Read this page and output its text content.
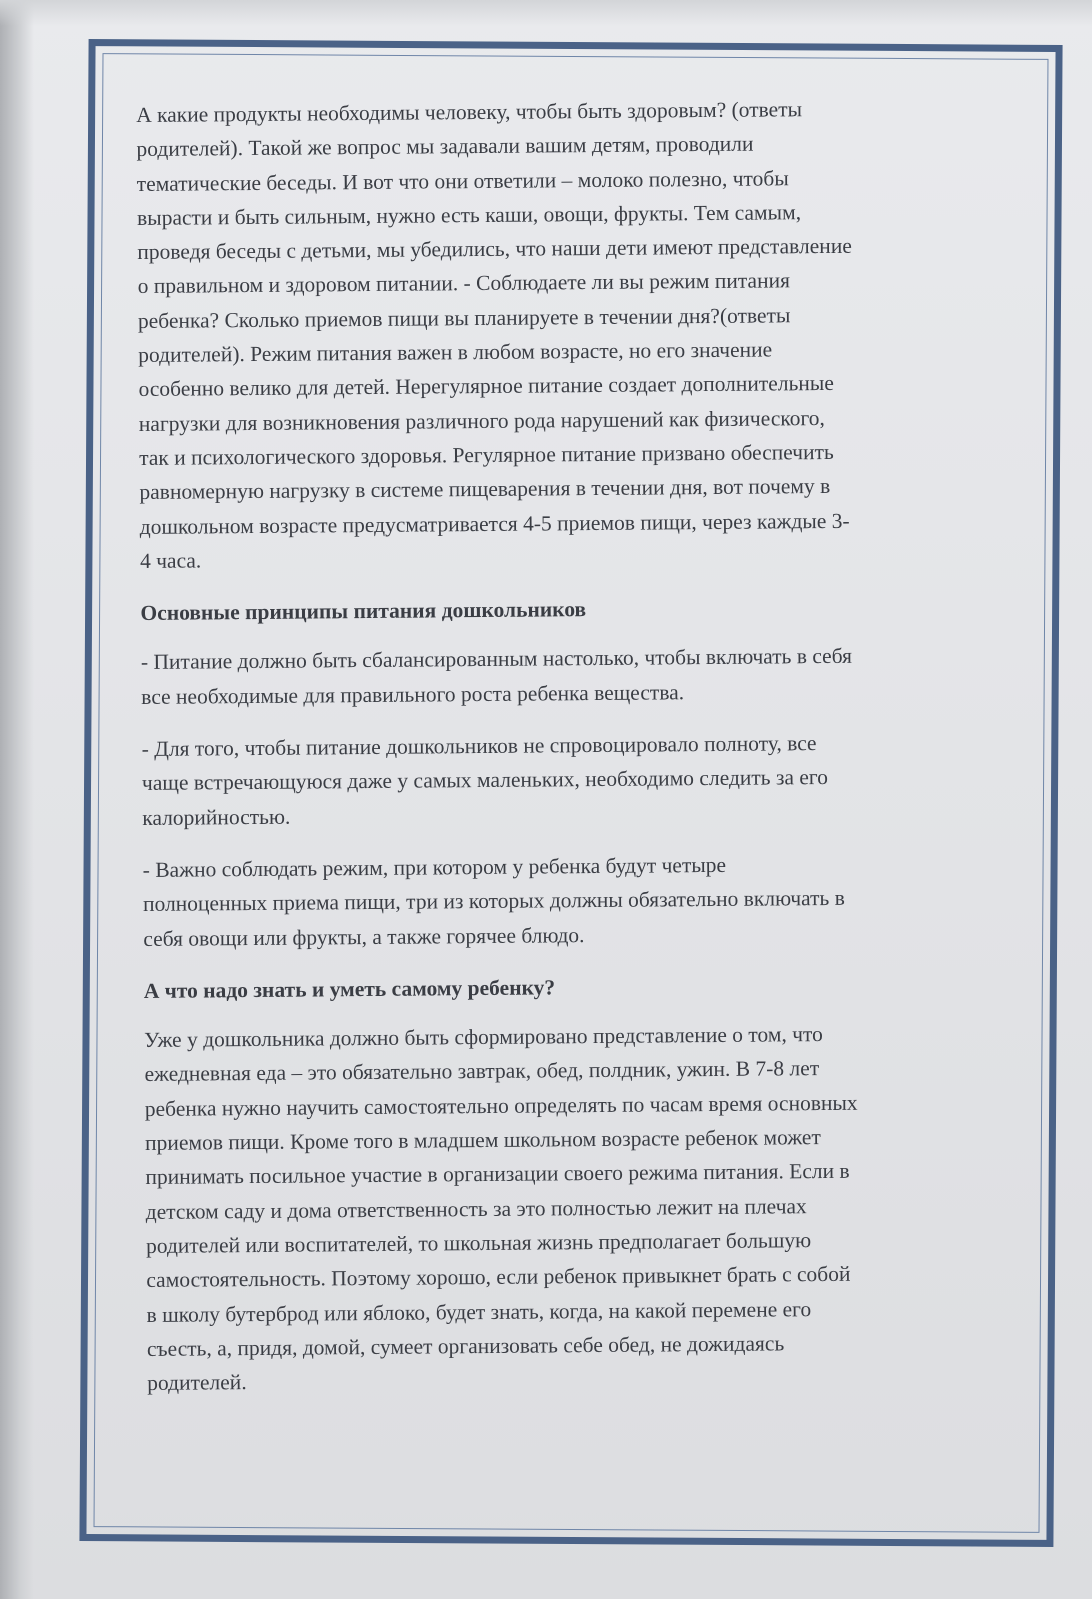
А какие продукты необходимы человеку, чтобы быть здоровым? (ответы
родителей). Такой же вопрос мы задавали вашим детям, проводили
тематические беседы. И вот что они ответили – молоко полезно, чтобы
вырасти и быть сильным, нужно есть каши, овощи, фрукты. Тем самым,
проведя беседы с детьми, мы убедились, что наши дети имеют представление
о правильном и здоровом питании. - Соблюдаете ли вы режим питания
ребенка? Сколько приемов пищи вы планируете в течении дня?(ответы
родителей). Режим питания важен в любом возрасте, но его значение
особенно велико для детей. Нерегулярное питание создает дополнительные
нагрузки для возникновения различного рода нарушений как физического,
так и психологического здоровья. Регулярное питание призвано обеспечить
равномерную нагрузку в системе пищеварения в течении дня, вот почему в
дошкольном возрасте предусматривается 4-5 приемов пищи, через каждые 3-
4 часа.
Основные принципы питания дошкольников
- Питание должно быть сбалансированным настолько, чтобы включать в себя
все необходимые для правильного роста ребенка вещества.
- Для того, чтобы питание дошкольников не спровоцировало полноту, все
чаще встречающуюся даже у самых маленьких, необходимо следить за его
калорийностью.
- Важно соблюдать режим, при котором у ребенка будут четыре
полноценных приема пищи, три из которых должны обязательно включать в
себя овощи или фрукты, а также горячее блюдо.
А что надо знать и уметь самому ребенку?
Уже у дошкольника должно быть сформировано представление о том, что
ежедневная еда – это обязательно завтрак, обед, полдник, ужин. В 7-8 лет
ребенка нужно научить самостоятельно определять по часам время основных
приемов пищи. Кроме того в младшем школьном возрасте ребенок может
принимать посильное участие в организации своего режима питания. Если в
детском саду и дома ответственность за это полностью лежит на плечах
родителей или воспитателей, то школьная жизнь предполагает большую
самостоятельность. Поэтому хорошо, если ребенок привыкнет брать с собой
в школу бутерброд или яблоко, будет знать, когда, на какой перемене его
съесть, а, придя, домой, сумеет организовать себе обед, не дожидаясь
родителей.
